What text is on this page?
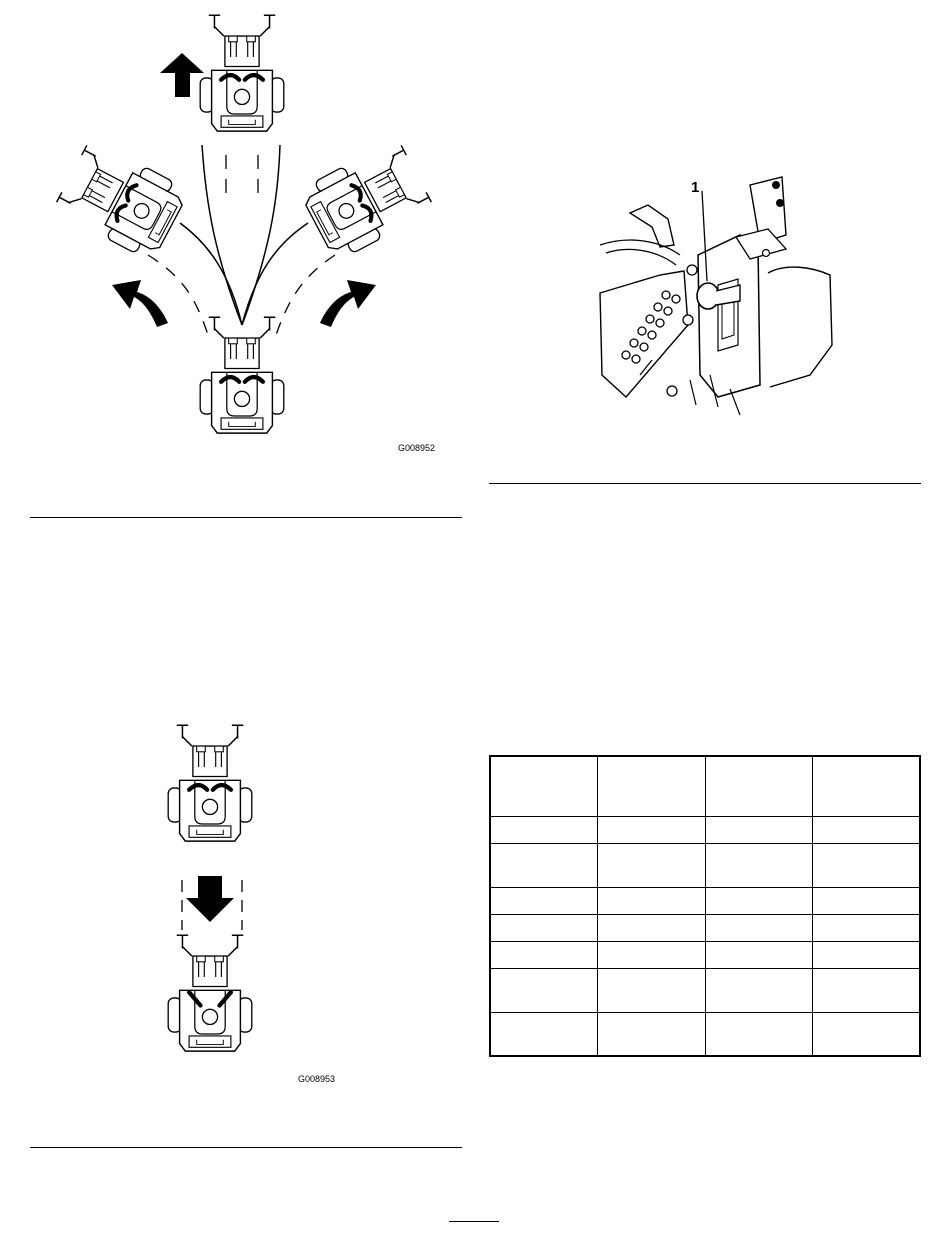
G008952
G008953
1
